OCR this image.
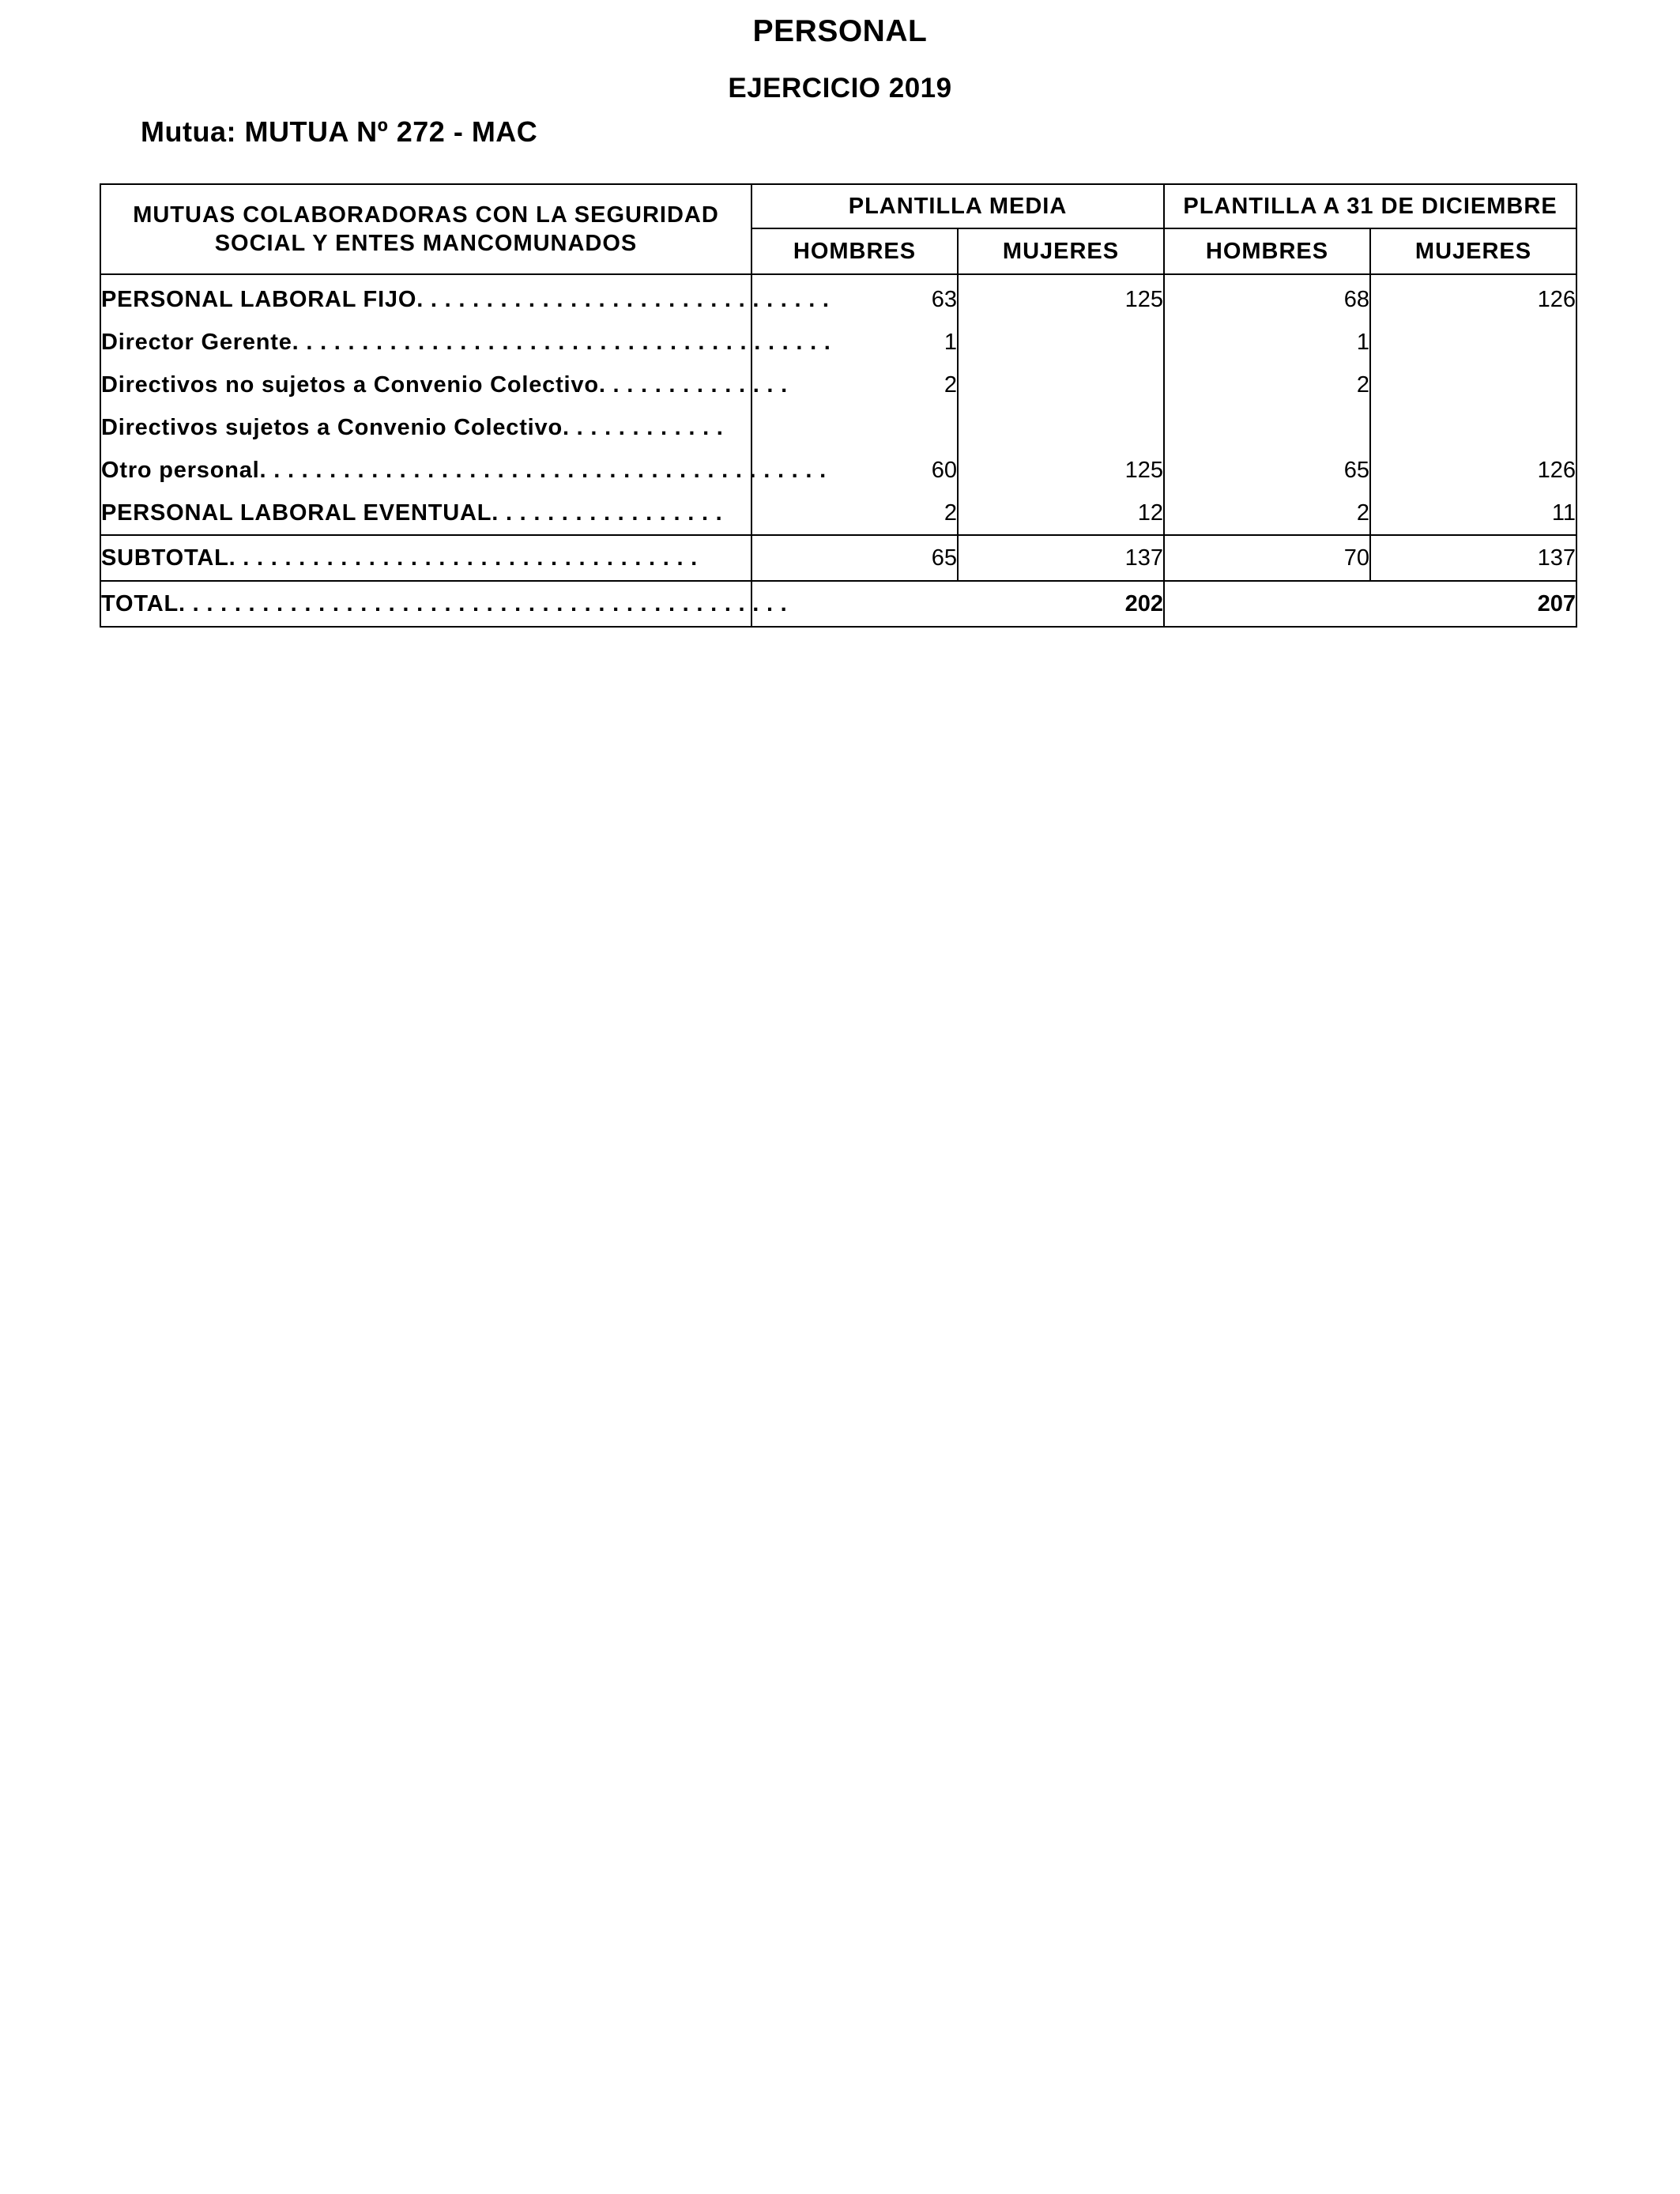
PERSONAL
EJERCICIO 2019
Mutua: MUTUA Nº 272 - MAC
MUTUAS COLABORADORAS CON LA SEGURIDAD
SOCIAL Y ENTES MANCOMUNADOS	PLANTILLA MEDIA		PLANTILLA A 31 DE DICIEMBRE	
	HOMBRES	MUJERES	HOMBRES	MUJERES
PERSONAL LABORAL FIJO. . . . . . . . . . . . . . . . . . . . . . . . . . . . . .	63	125	68	126
Director Gerente. . . . . . . . . . . . . . . . . . . . . . . . . . . . . . . . . . . . . . .	1		1	
Directivos no sujetos a Convenio Colectivo. . . . . . . . . . . . . .	2		2	
Directivos sujetos a Convenio Colectivo. . . . . . . . . . . .				
Otro personal. . . . . . . . . . . . . . . . . . . . . . . . . . . . . . . . . . . . . . . . .	60	125	65	126
PERSONAL LABORAL EVENTUAL. . . . . . . . . . . . . . . . .	2	12	2	11
SUBTOTAL. . . . . . . . . . . . . . . . . . . . . . . . . . . . . . . . . .	65	137	70	137
TOTAL. . . . . . . . . . . . . . . . . . . . . . . . . . . . . . . . . . . . . . . . . . . .	202		207	
